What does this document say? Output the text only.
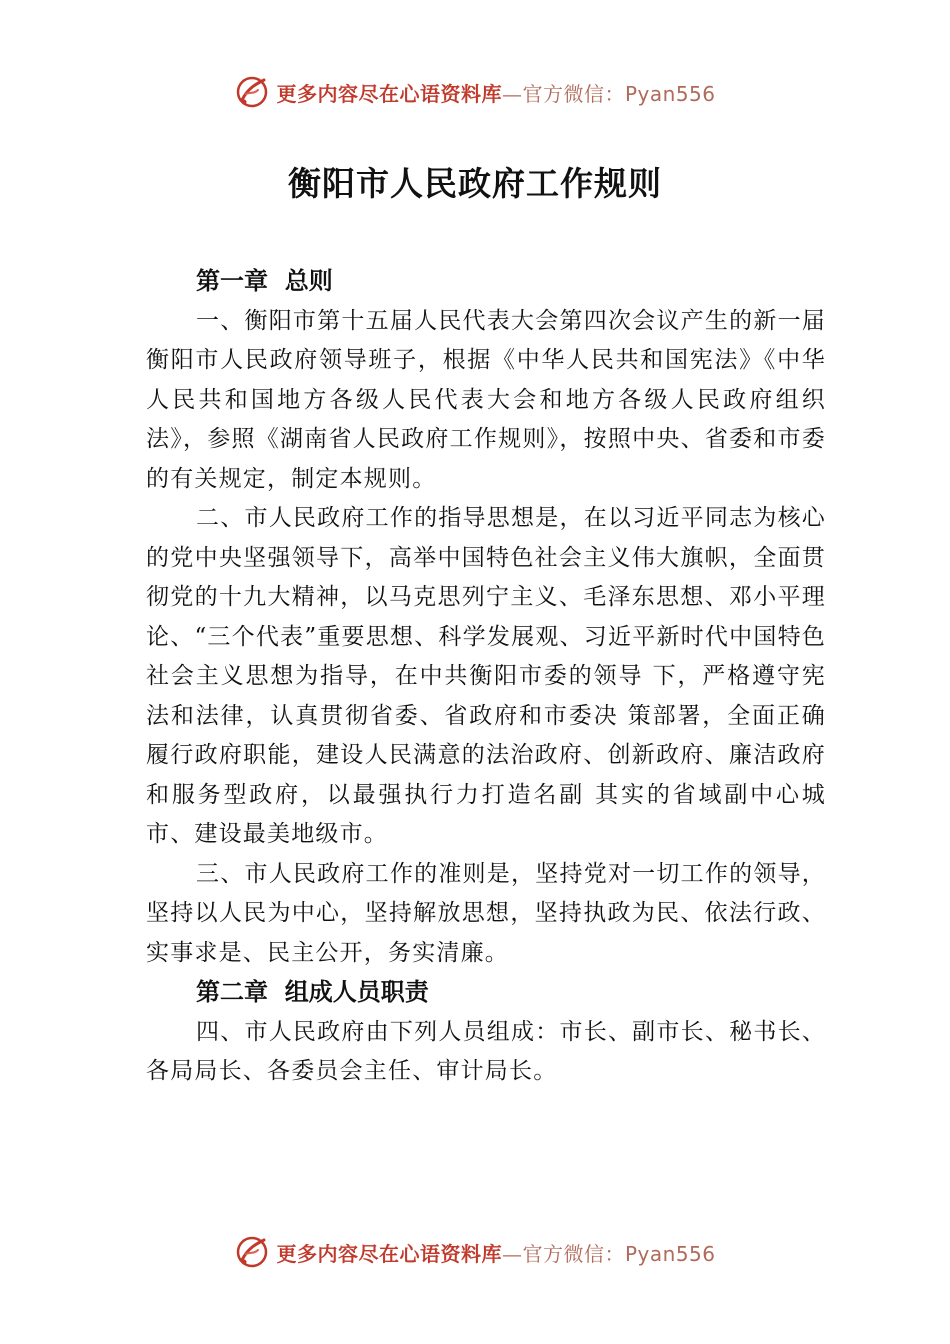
更多内容尽在心语资料库—官方微信：Pyan556
衡阳市人民政府工作规则

第一章  总则

一、衡阳市第十五届人民代表大会第四次会议产生的新一届衡阳市人民政府领导班子，根据《中华人民共和国宪法》《中华人民共和国地方各级人民代表大会和地方各级人民政府组织法》，参照《湖南省人民政府工作规则》，按照中央、省委和市委的有关规定，制定本规则。

二、市人民政府工作的指导思想是，在以习近平同志为核心的党中央坚强领导下，高举中国特色社会主义伟大旗帜，全面贯彻党的十九大精神，以马克思列宁主义、毛泽东思想、邓小平理论、“三个代表”重要思想、科学发展观、习近平新时代中国特色社会主义思想为指导，在中共衡阳市委的领导 下，严格遵守宪法和法律，认真贯彻省委、省政府和市委决 策部署，全面正确履行政府职能，建设人民满意的法治政府、创新政府、廉洁政府和服务型政府，以最强执行力打造名副 其实的省域副中心城市、建设最美地级市。

三、市人民政府工作的准则是，坚持党对一切工作的领导，坚持以人民为中心，坚持解放思想，坚持执政为民、依法行政、实事求是、民主公开，务实清廉。

第二章  组成人员职责

四、市人民政府由下列人员组成：市长、副市长、秘书长、各局局长、各委员会主任、审计局长。

更多内容尽在心语资料库—官方微信：Pyan556
